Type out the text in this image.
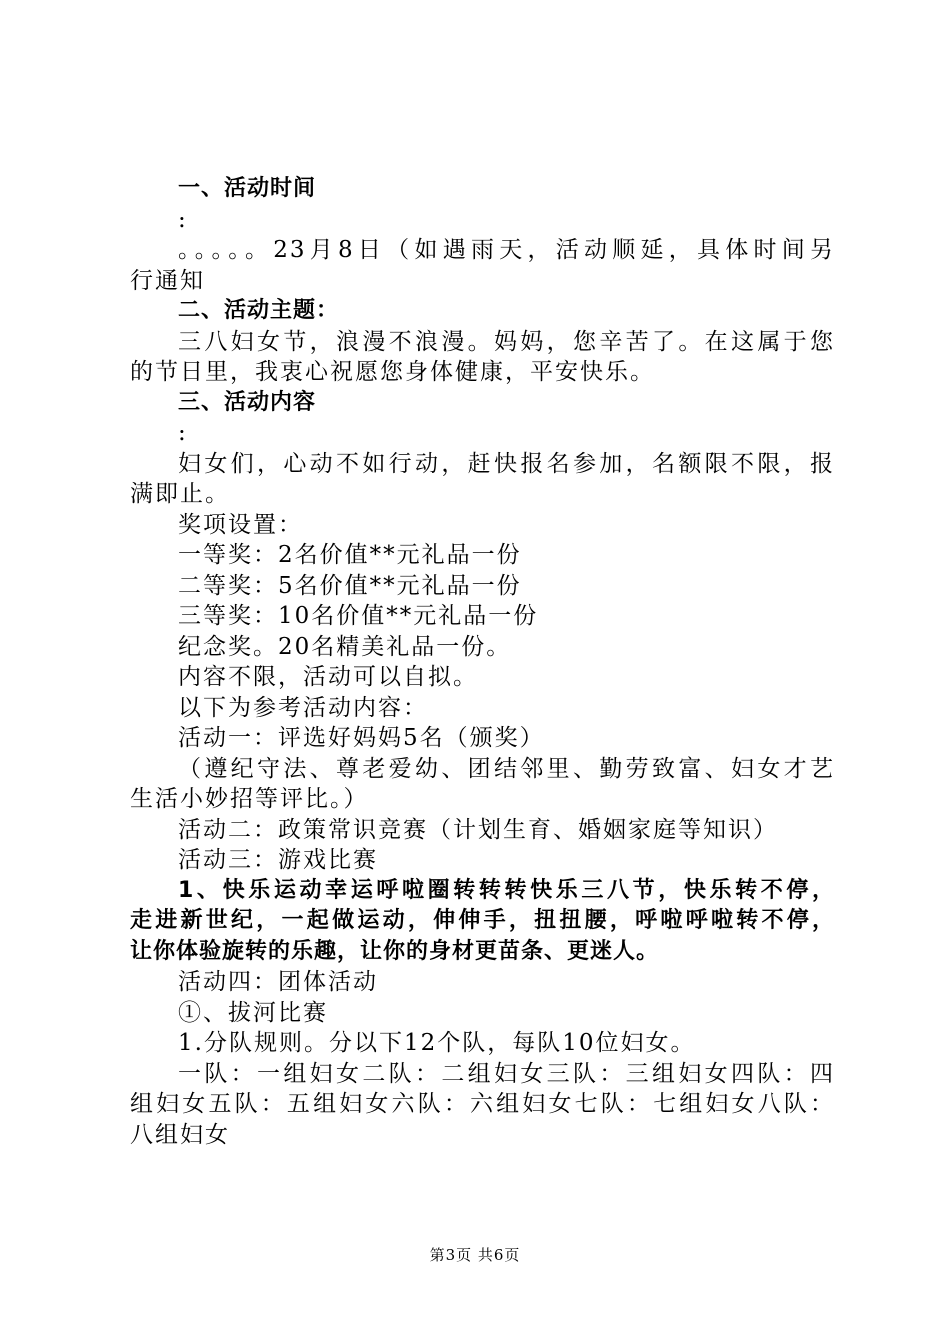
一、活动时间
:
。。。。。23月8日（如遇雨天，活动顺延，具体时间另
行通知
二、活动主题：
三八妇女节，浪漫不浪漫。妈妈，您辛苦了。在这属于您
的节日里，我衷心祝愿您身体健康，平安快乐。
三、活动内容
:
妇女们，心动不如行动，赶快报名参加，名额限不限，报
满即止。
奖项设置：
一等奖：2名价值**元礼品一份
二等奖：5名价值**元礼品一份
三等奖：10名价值**元礼品一份
纪念奖。20名精美礼品一份。
内容不限，活动可以自拟。
以下为参考活动内容：
活动一：评选好妈妈5名（颁奖）
（遵纪守法、尊老爱幼、团结邻里、勤劳致富、妇女才艺
生活小妙招等评比。）
活动二：政策常识竞赛（计划生育、婚姻家庭等知识）
活动三：游戏比赛
1、快乐运动幸运呼啦圈转转转快乐三八节，快乐转不停，
走进新世纪，一起做运动，伸伸手，扭扭腰，呼啦呼啦转不停，
让你体验旋转的乐趣，让你的身材更苗条、更迷人。
活动四：团体活动
①、拔河比赛
1.分队规则。分以下12个队，每队10位妇女。
一队：一组妇女二队：二组妇女三队：三组妇女四队：四
组妇女五队：五组妇女六队：六组妇女七队：七组妇女八队：
八组妇女
第3页 共6页
